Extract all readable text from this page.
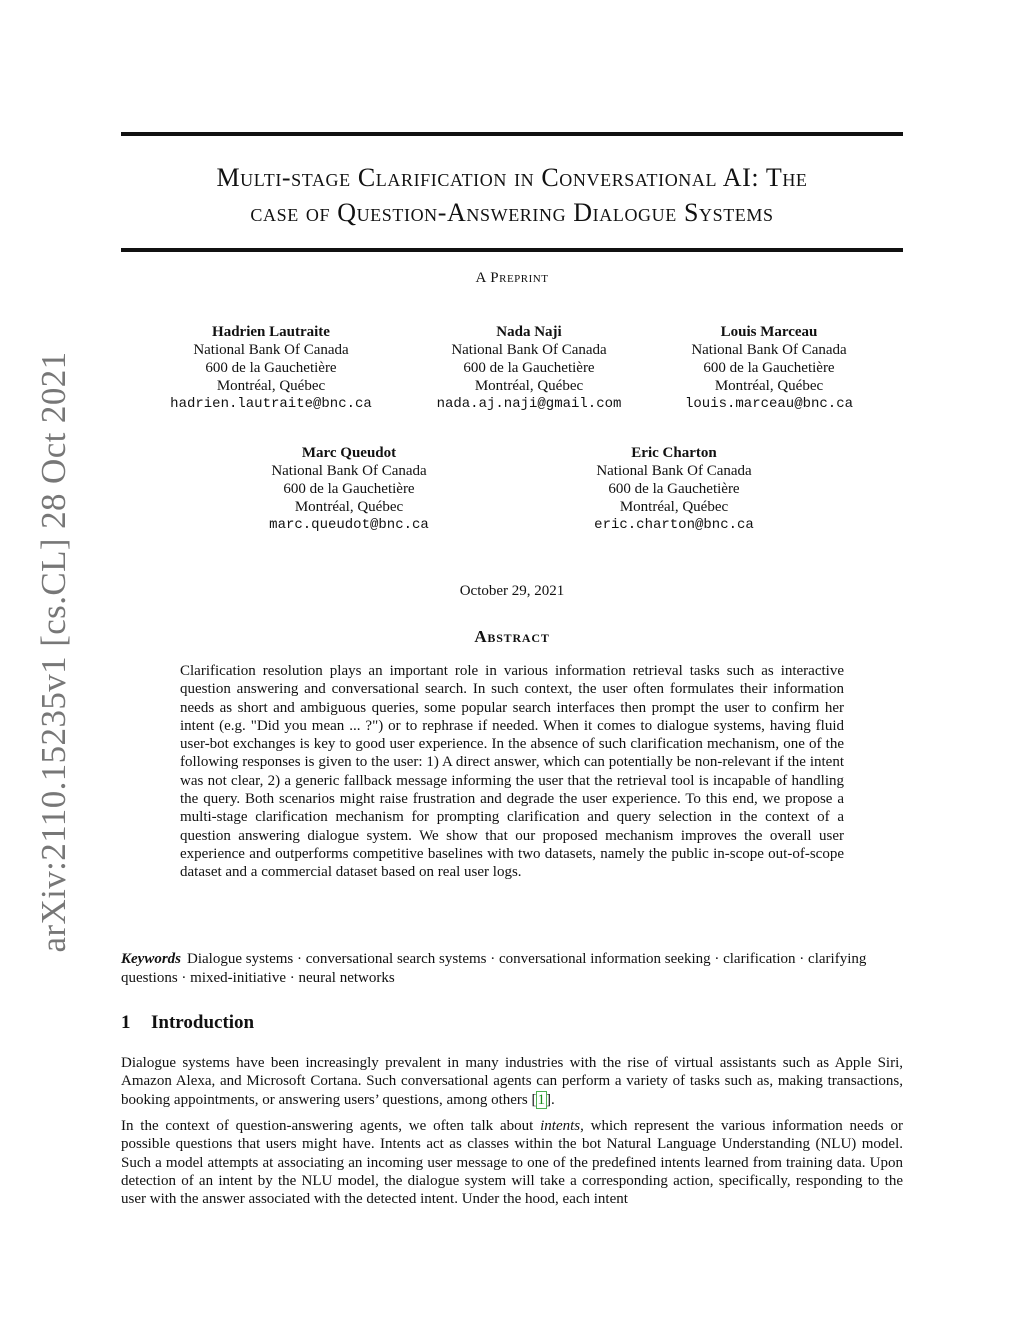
arXiv:2110.15235v1 [cs.CL] 28 Oct 2021
Multi-stage Clarification in Conversational AI: The
case of Question-Answering Dialogue Systems
A Preprint
Hadrien Lautraite
National Bank Of Canada
600 de la Gauchetière
Montréal, Québec
hadrien.lautraite@bnc.ca
Nada Naji
National Bank Of Canada
600 de la Gauchetière
Montréal, Québec
nada.aj.naji@gmail.com
Louis Marceau
National Bank Of Canada
600 de la Gauchetière
Montréal, Québec
louis.marceau@bnc.ca
Marc Queudot
National Bank Of Canada
600 de la Gauchetière
Montréal, Québec
marc.queudot@bnc.ca
Eric Charton
National Bank Of Canada
600 de la Gauchetière
Montréal, Québec
eric.charton@bnc.ca
October 29, 2021
Abstract

Clarification resolution plays an important role in various information retrieval tasks such as interactive question answering and conversational search. In such context, the user often formulates their information needs as short and ambiguous queries, some popular search interfaces then prompt the user to confirm her intent (e.g. "Did you mean ... ?") or to rephrase if needed. When it comes to dialogue systems, having fluid user-bot exchanges is key to good user experience. In the absence of such clarification mechanism, one of the following responses is given to the user: 1) A direct answer, which can potentially be non-relevant if the intent was not clear, 2) a generic fallback message informing the user that the retrieval tool is incapable of handling the query. Both scenarios might raise frustration and degrade the user experience. To this end, we propose a multi-stage clarification mechanism for prompting clarification and query selection in the context of a question answering dialogue system. We show that our proposed mechanism improves the overall user experience and outperforms competitive baselines with two datasets, namely the public in-scope out-of-scope dataset and a commercial dataset based on real user logs.

Keywords Dialogue systems · conversational search systems · conversational information seeking · clarification · clarifying questions · mixed-initiative · neural networks

1 Introduction

Dialogue systems have been increasingly prevalent in many industries with the rise of virtual assistants such as Apple Siri, Amazon Alexa, and Microsoft Cortana. Such conversational agents can perform a variety of tasks such as, making transactions, booking appointments, or answering users’ questions, among others [1].

In the context of question-answering agents, we often talk about intents, which represent the various information needs or possible questions that users might have. Intents act as classes within the bot Natural Language Understanding (NLU) model. Such a model attempts at associating an incoming user message to one of the predefined intents learned from training data. Upon detection of an intent by the NLU model, the dialogue system will take a corresponding action, specifically, responding to the user with the answer associated with the detected intent. Under the hood, each intent
